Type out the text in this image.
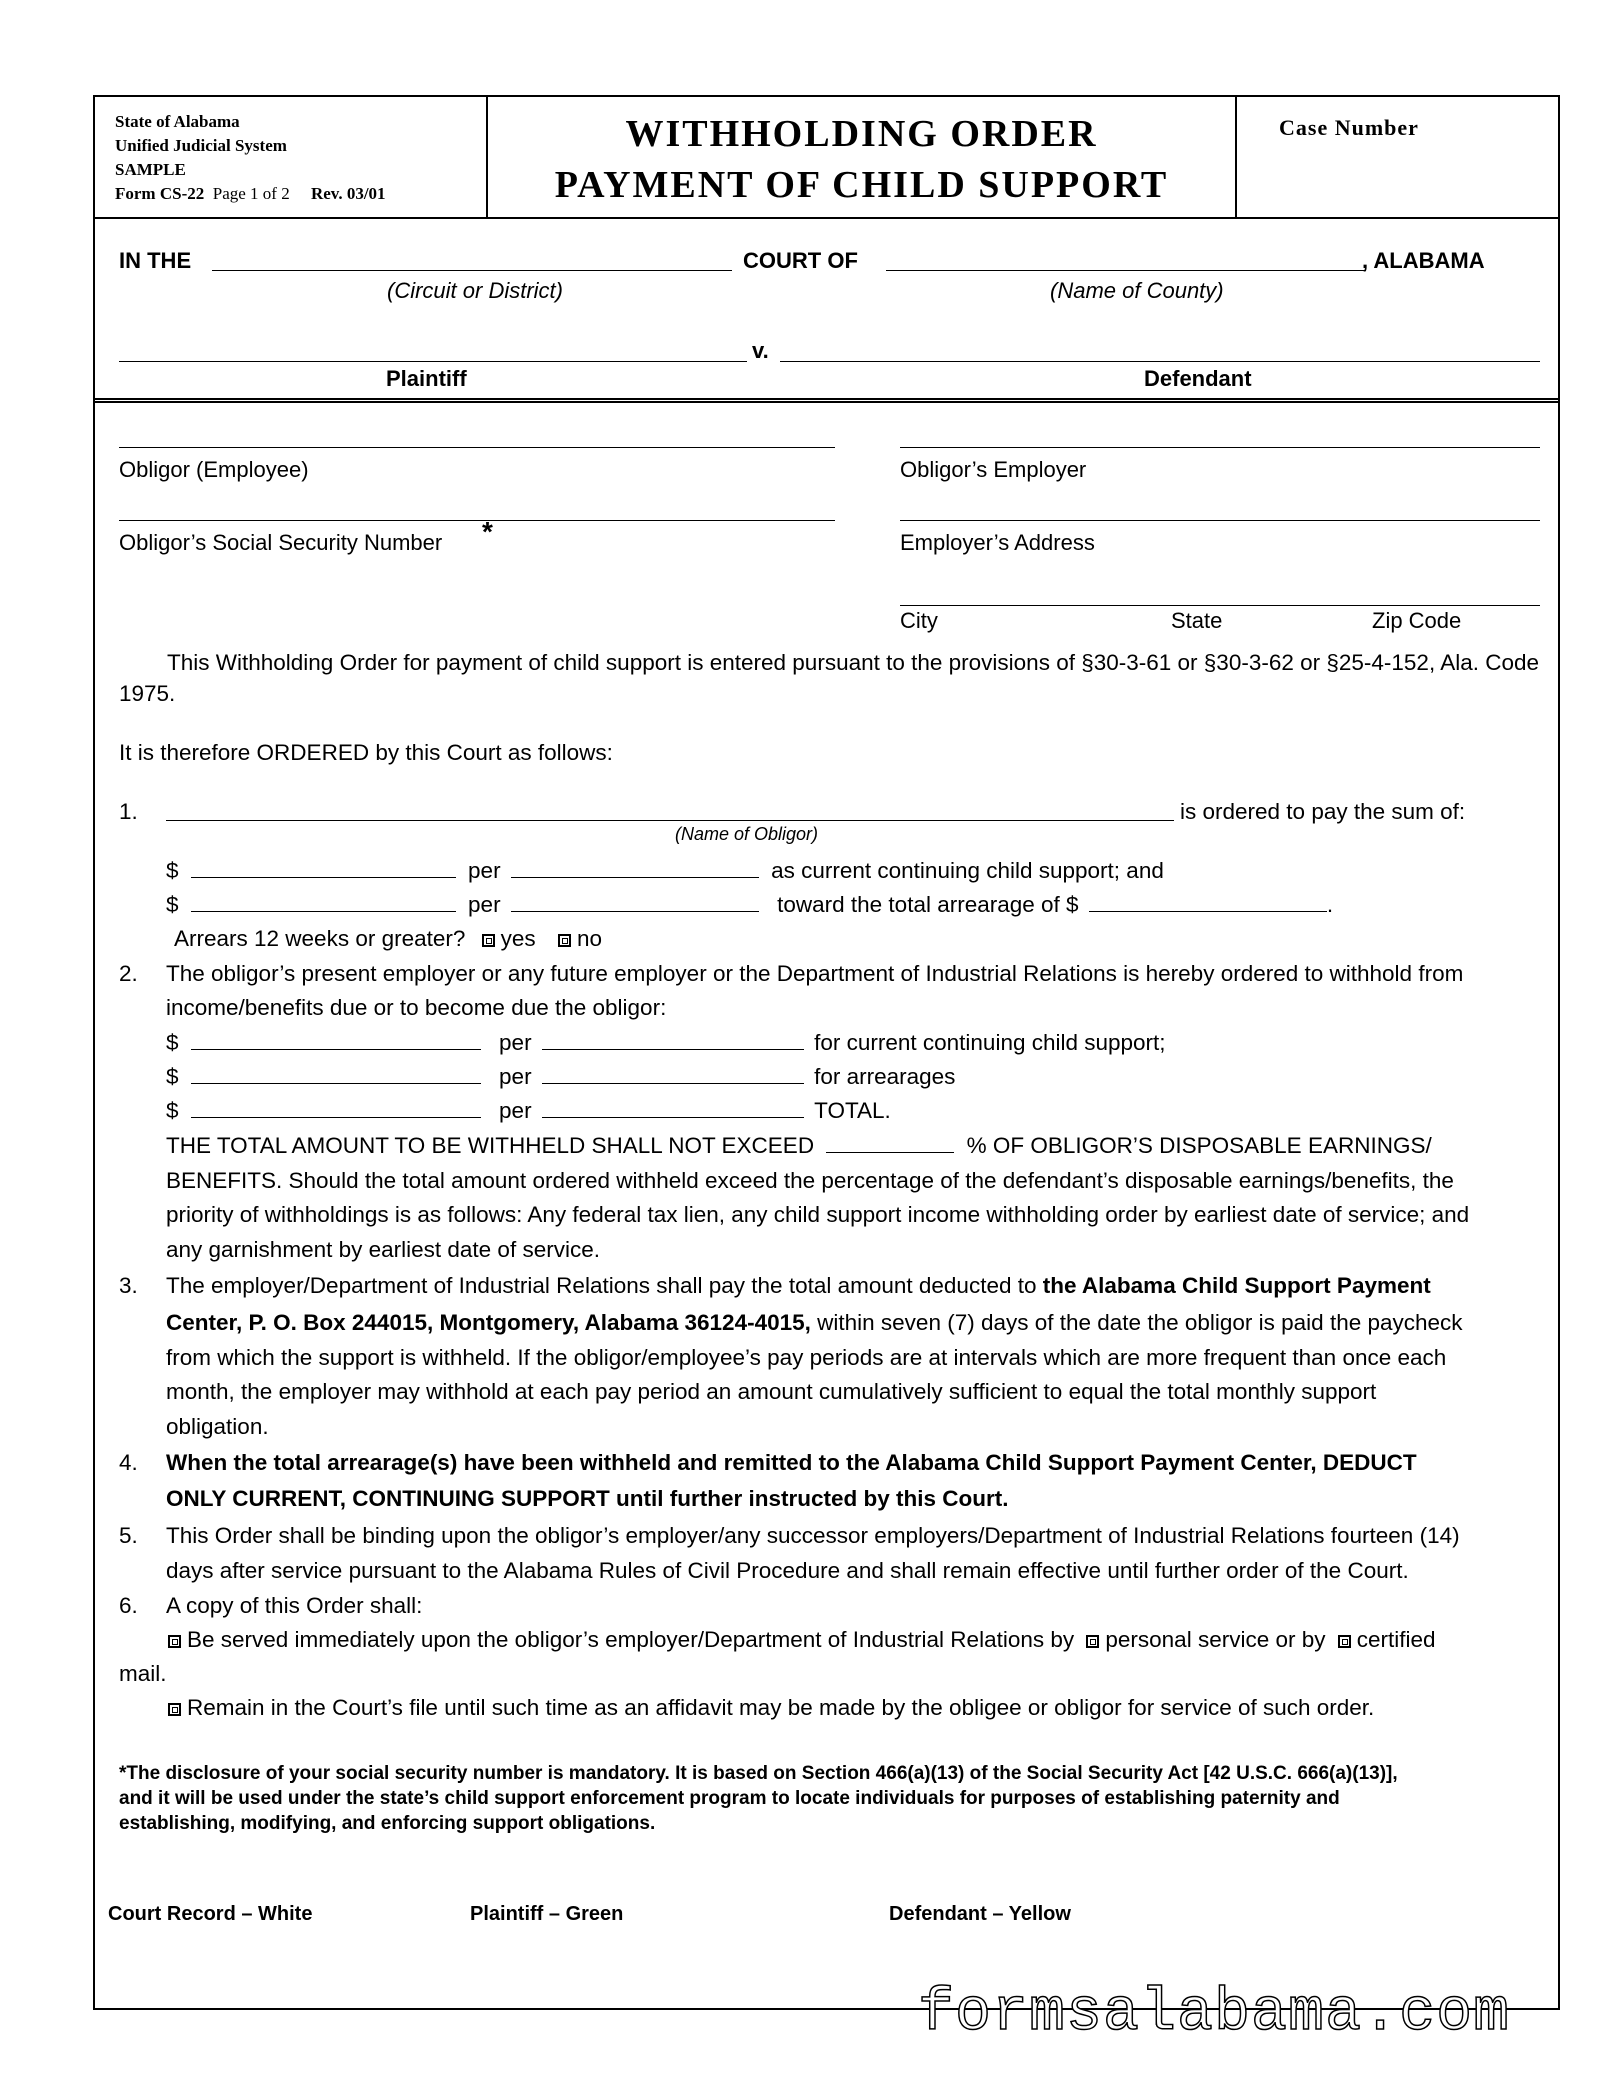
State of Alabama
Unified Judicial System
SAMPLE
Form CS-22 Page 1 of 2 Rev. 03/01
WITHHOLDING ORDER
PAYMENT OF CHILD SUPPORT
Case Number
IN THE	COURT OF	, ALABAMA
(Circuit or District)	(Name of County)
v.
Plaintiff	Defendant
Obligor (Employee)	Obligor’s Employer
Obligor’s Social Security Number *	Employer’s Address
City	State	Zip Code
This Withholding Order for payment of child support is entered pursuant to the provisions of §30-3-61 or §30-3-62 or §25-4-152, Ala. Code 1975.
It is therefore ORDERED by this Court as follows:
1.	is ordered to pay the sum of:
(Name of Obligor)
$	per	as current continuing child support; and
$	per	toward the total arrearage of $	.
Arrears 12 weeks or greater? yes no
2. The obligor’s present employer or any future employer or the Department of Industrial Relations is hereby ordered to withhold from
income/benefits due or to become due the obligor:
$	per	for current continuing child support;
$	per	for arrearages
$	per	TOTAL.
THE TOTAL AMOUNT TO BE WITHHELD SHALL NOT EXCEED	% OF OBLIGOR’S DISPOSABLE EARNINGS/
BENEFITS. Should the total amount ordered withheld exceed the percentage of the defendant’s disposable earnings/benefits, the
priority of withholdings is as follows: Any federal tax lien, any child support income withholding order by earliest date of service; and
any garnishment by earliest date of service.
3. The employer/Department of Industrial Relations shall pay the total amount deducted to the Alabama Child Support Payment
Center, P. O. Box 244015, Montgomery, Alabama 36124-4015, within seven (7) days of the date the obligor is paid the paycheck
from which the support is withheld. If the obligor/employee’s pay periods are at intervals which are more frequent than once each
month, the employer may withhold at each pay period an amount cumulatively sufficient to equal the total monthly support
obligation.
4. When the total arrearage(s) have been withheld and remitted to the Alabama Child Support Payment Center, DEDUCT
ONLY CURRENT, CONTINUING SUPPORT until further instructed by this Court.
5. This Order shall be binding upon the obligor’s employer/any successor employers/Department of Industrial Relations fourteen (14)
days after service pursuant to the Alabama Rules of Civil Procedure and shall remain effective until further order of the Court.
6. A copy of this Order shall:
Be served immediately upon the obligor’s employer/Department of Industrial Relations by personal service or by certified
mail.
Remain in the Court’s file until such time as an affidavit may be made by the obligee or obligor for service of such order.
*The disclosure of your social security number is mandatory. It is based on Section 466(a)(13) of the Social Security Act [42 U.S.C. 666(a)(13)],
and it will be used under the state’s child support enforcement program to locate individuals for purposes of establishing paternity and
establishing, modifying, and enforcing support obligations.
Court Record – White	Plaintiff – Green	Defendant – Yellow
formsalabama.com
